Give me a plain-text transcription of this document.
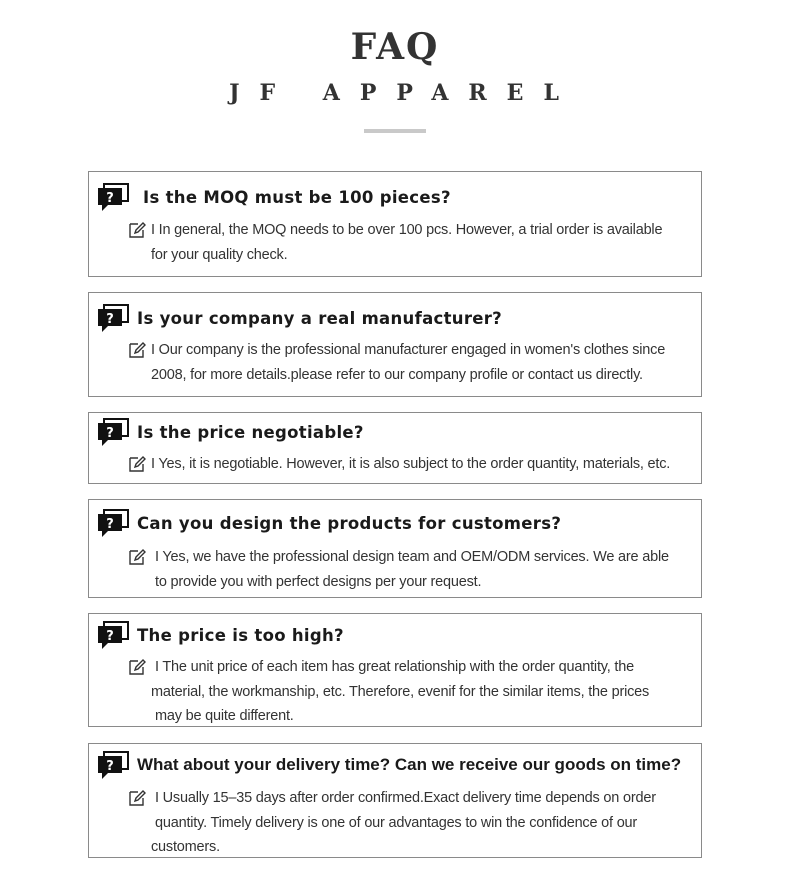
FAQ
JF APPAREL
? Is the MOQ must be 100 pieces?
I In general, the MOQ needs to be over 100 pcs. However, a trial order is available
for your quality check.
? Is your company a real manufacturer?
I Our company is the professional manufacturer engaged in women's clothes since
2008, for more details.please refer to our company profile or contact us directly.
? Is the price negotiable?
I Yes, it is negotiable. However, it is also subject to the order quantity, materials, etc.
? Can you design the products for customers?
I Yes, we have the professional design team and OEM/ODM services. We are able
to provide you with perfect designs per your request.
? The price is too high?
I The unit price of each item has great relationship with the order quantity, the
material, the workmanship, etc. Therefore, evenif for the similar items, the prices
may be quite different.
? What about your delivery time? Can we receive our goods on time?
I Usually 15–35 days after order confirmed.Exact delivery time depends on order
quantity. Timely delivery is one of our advantages to win the confidence of our
customers.
